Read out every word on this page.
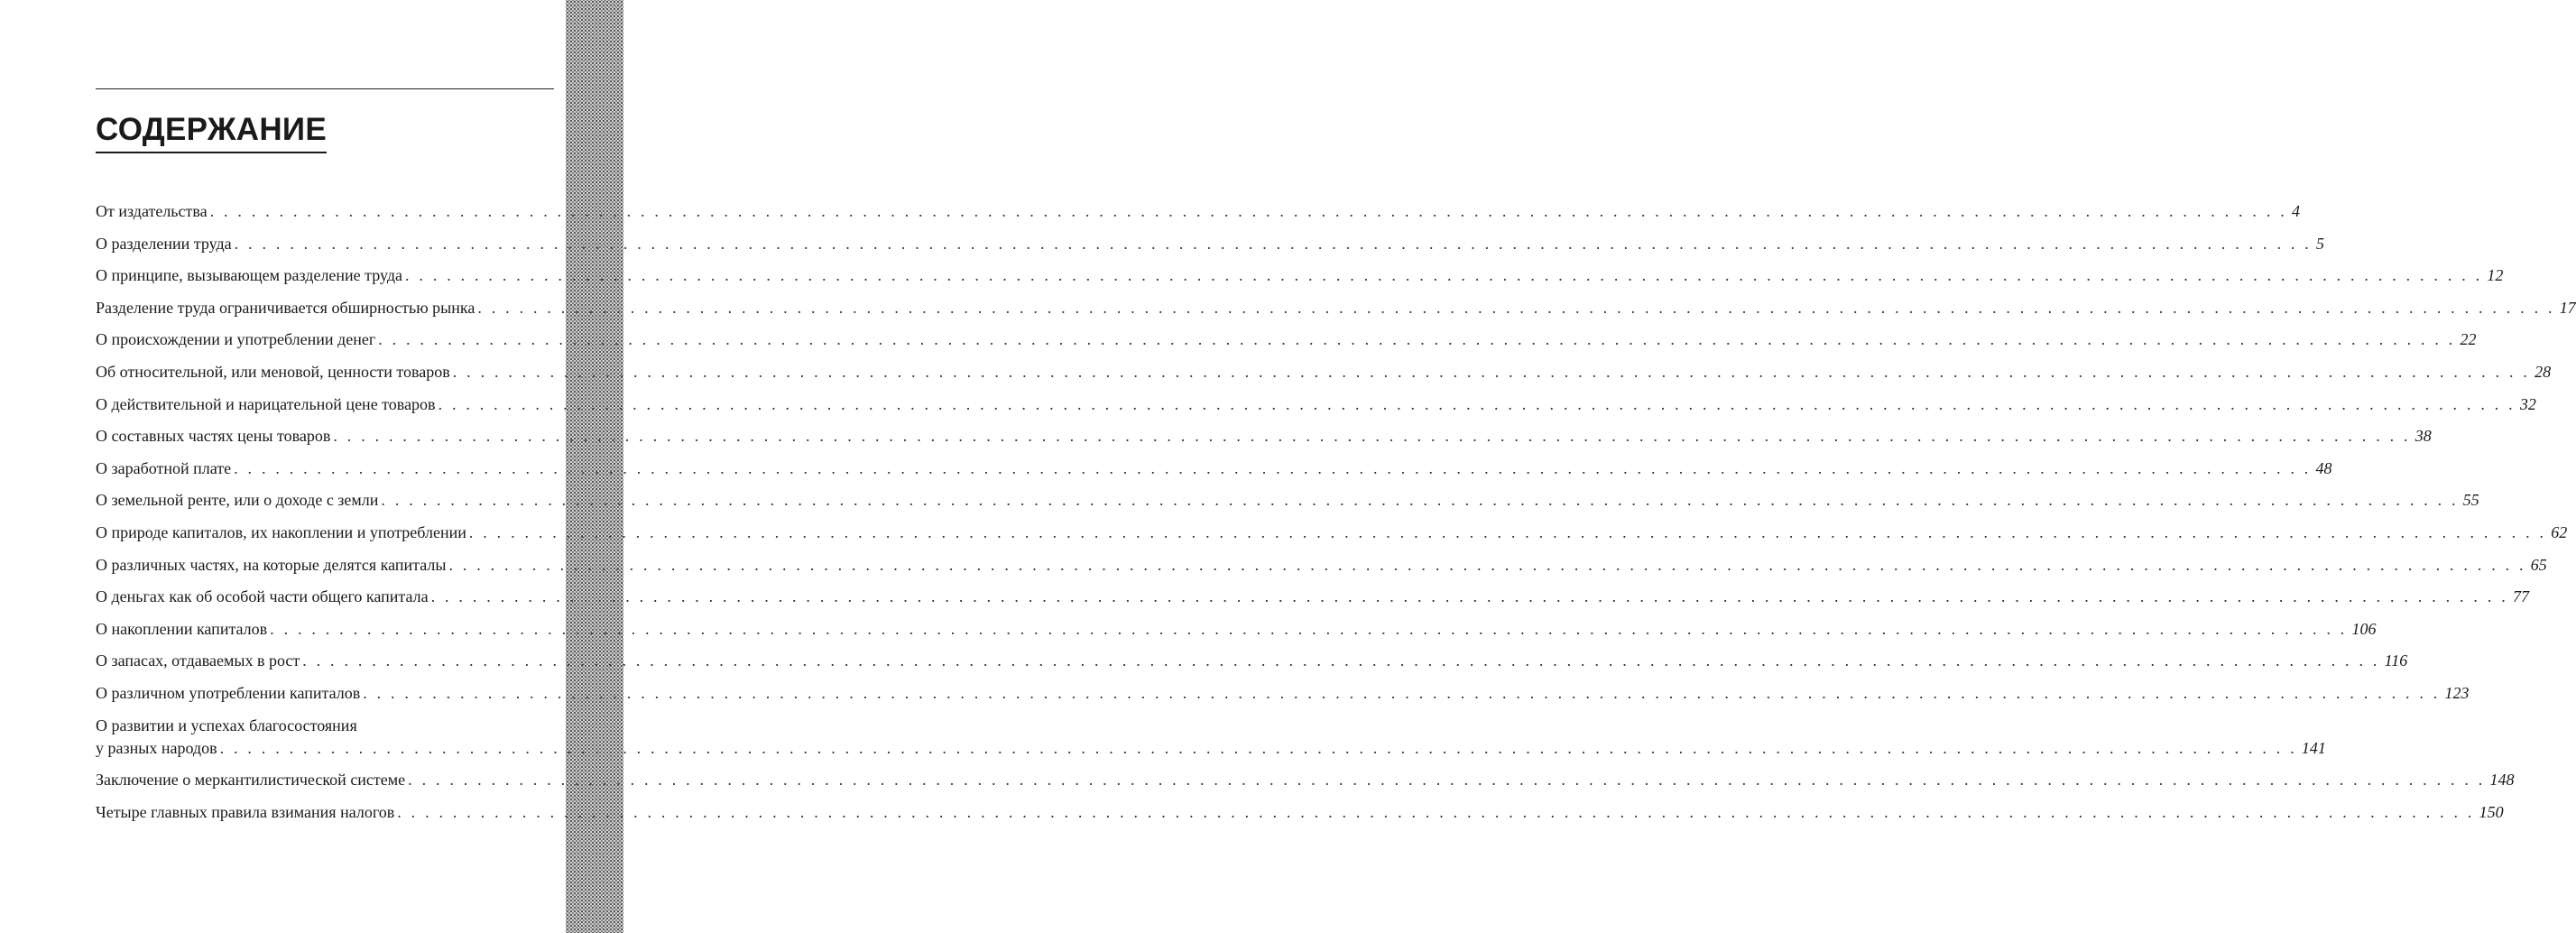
СОДЕРЖАНИЕ
От издательства . . . . . . . . . . . . . . . . . . . . . . . . . . . . . . . . . . . . . . . . . . . . . . . . . . . . . . . . . . . . . . . . . . . . . . . . . . . . . . . . . . . . . . . . . . . . . . . . . . . . . . . . . . . . . . . . . . . . . . . . . . . . . . . . . . . . . . . . . . . . . . . . . . . . . . 4
О разделении труда . . . . . . . . . . . . . . . . . . . . . . . . . . . . . . . . . . . . . . . . . . . . . . . . . . . . . . . . . . . . . . . . . . . . . . . . . . . . . . . . . . . . . . . . . . . . . . . . . . . . . . . . . . . . . . . . . . . . . . . . . . . . . . . . . . . . . . . . . . . . . . . . . . . . . . 5
О принципе, вызывающем разделение труда . . . . . . . . . . . . . . . . . . . . . . . . . . . . . . . . . . . . . . . . . . . . . . . . . . . . . . . . . . . . . . . . . . . . . . . . . . . . . . . . . . . . . . . . . . . . . . . . . . . . . . . . . . . . . . . . . . . . . . . . . . . . . . . . . . . . . . . . . . . . . . . . . . . . . . 12
Разделение труда ограничивается обширностью рынка . . . . . . . . . . . . . . . . . . . . . . . . . . . . . . . . . . . . . . . . . . . . . . . . . . . . . . . . . . . . . . . . . . . . . . . . . . . . . . . . . . . . . . . . . . . . . . . . . . . . . . . . . . . . . . . . . . . . . . . . . . . . . . . . . . . . . . . . . . . . . . . . . . . . . . 17
О происхождении и употреблении денег . . . . . . . . . . . . . . . . . . . . . . . . . . . . . . . . . . . . . . . . . . . . . . . . . . . . . . . . . . . . . . . . . . . . . . . . . . . . . . . . . . . . . . . . . . . . . . . . . . . . . . . . . . . . . . . . . . . . . . . . . . . . . . . . . . . . . . . . . . . . . . . . . . . . . . 22
Об относительной, или меновой, ценности товаров . . . . . . . . . . . . . . . . . . . . . . . . . . . . . . . . . . . . . . . . . . . . . . . . . . . . . . . . . . . . . . . . . . . . . . . . . . . . . . . . . . . . . . . . . . . . . . . . . . . . . . . . . . . . . . . . . . . . . . . . . . . . . . . . . . . . . . . . . . . . . . . . . . . . . . 28
О действительной и нарицательной цене товаров . . . . . . . . . . . . . . . . . . . . . . . . . . . . . . . . . . . . . . . . . . . . . . . . . . . . . . . . . . . . . . . . . . . . . . . . . . . . . . . . . . . . . . . . . . . . . . . . . . . . . . . . . . . . . . . . . . . . . . . . . . . . . . . . . . . . . . . . . . . . . . . . . . . . . . 32
О составных частях цены товаров . . . . . . . . . . . . . . . . . . . . . . . . . . . . . . . . . . . . . . . . . . . . . . . . . . . . . . . . . . . . . . . . . . . . . . . . . . . . . . . . . . . . . . . . . . . . . . . . . . . . . . . . . . . . . . . . . . . . . . . . . . . . . . . . . . . . . . . . . . . . . . . . . . . . . . 38
О заработной плате . . . . . . . . . . . . . . . . . . . . . . . . . . . . . . . . . . . . . . . . . . . . . . . . . . . . . . . . . . . . . . . . . . . . . . . . . . . . . . . . . . . . . . . . . . . . . . . . . . . . . . . . . . . . . . . . . . . . . . . . . . . . . . . . . . . . . . . . . . . . . . . . . . . . . . 48
О земельной ренте, или о доходе с земли . . . . . . . . . . . . . . . . . . . . . . . . . . . . . . . . . . . . . . . . . . . . . . . . . . . . . . . . . . . . . . . . . . . . . . . . . . . . . . . . . . . . . . . . . . . . . . . . . . . . . . . . . . . . . . . . . . . . . . . . . . . . . . . . . . . . . . . . . . . . . . . . . . . . . . 55
О природе капиталов, их накоплении и употреблении . . . . . . . . . . . . . . . . . . . . . . . . . . . . . . . . . . . . . . . . . . . . . . . . . . . . . . . . . . . . . . . . . . . . . . . . . . . . . . . . . . . . . . . . . . . . . . . . . . . . . . . . . . . . . . . . . . . . . . . . . . . . . . . . . . . . . . . . . . . . . . . . . . . . . . 62
О различных частях, на которые делятся капиталы . . . . . . . . . . . . . . . . . . . . . . . . . . . . . . . . . . . . . . . . . . . . . . . . . . . . . . . . . . . . . . . . . . . . . . . . . . . . . . . . . . . . . . . . . . . . . . . . . . . . . . . . . . . . . . . . . . . . . . . . . . . . . . . . . . . . . . . . . . . . . . . . . . . . . . 65
О деньгах как об особой части общего капитала . . . . . . . . . . . . . . . . . . . . . . . . . . . . . . . . . . . . . . . . . . . . . . . . . . . . . . . . . . . . . . . . . . . . . . . . . . . . . . . . . . . . . . . . . . . . . . . . . . . . . . . . . . . . . . . . . . . . . . . . . . . . . . . . . . . . . . . . . . . . . . . . . . . . . . 77
О накоплении капиталов . . . . . . . . . . . . . . . . . . . . . . . . . . . . . . . . . . . . . . . . . . . . . . . . . . . . . . . . . . . . . . . . . . . . . . . . . . . . . . . . . . . . . . . . . . . . . . . . . . . . . . . . . . . . . . . . . . . . . . . . . . . . . . . . . . . . . . . . . . . . . . . . . . . . . . 106
О запасах, отдаваемых в рост . . . . . . . . . . . . . . . . . . . . . . . . . . . . . . . . . . . . . . . . . . . . . . . . . . . . . . . . . . . . . . . . . . . . . . . . . . . . . . . . . . . . . . . . . . . . . . . . . . . . . . . . . . . . . . . . . . . . . . . . . . . . . . . . . . . . . . . . . . . . . . . . . . . . . . 116
О различном употреблении капиталов . . . . . . . . . . . . . . . . . . . . . . . . . . . . . . . . . . . . . . . . . . . . . . . . . . . . . . . . . . . . . . . . . . . . . . . . . . . . . . . . . . . . . . . . . . . . . . . . . . . . . . . . . . . . . . . . . . . . . . . . . . . . . . . . . . . . . . . . . . . . . . . . . . . . . . 123
О развитии и успехах благосостояния
у разных народов . . . . . . . . . . . . . . . . . . . . . . . . . . . . . . . . . . . . . . . . . . . . . . . . . . . . . . . . . . . . . . . . . . . . . . . . . . . . . . . . . . . . . . . . . . . . . . . . . . . . . . . . . . . . . . . . . . . . . . . . . . . . . . . . . . . . . . . . . . . . . . . . . . . . . . 141
Заключение о меркантилистической системе . . . . . . . . . . . . . . . . . . . . . . . . . . . . . . . . . . . . . . . . . . . . . . . . . . . . . . . . . . . . . . . . . . . . . . . . . . . . . . . . . . . . . . . . . . . . . . . . . . . . . . . . . . . . . . . . . . . . . . . . . . . . . . . . . . . . . . . . . . . . . . . . . . . . . . 148
Четыре главных правила взимания налогов . . . . . . . . . . . . . . . . . . . . . . . . . . . . . . . . . . . . . . . . . . . . . . . . . . . . . . . . . . . . . . . . . . . . . . . . . . . . . . . . . . . . . . . . . . . . . . . . . . . . . . . . . . . . . . . . . . . . . . . . . . . . . . . . . . . . . . . . . . . . . . . . . . . . . . 150
